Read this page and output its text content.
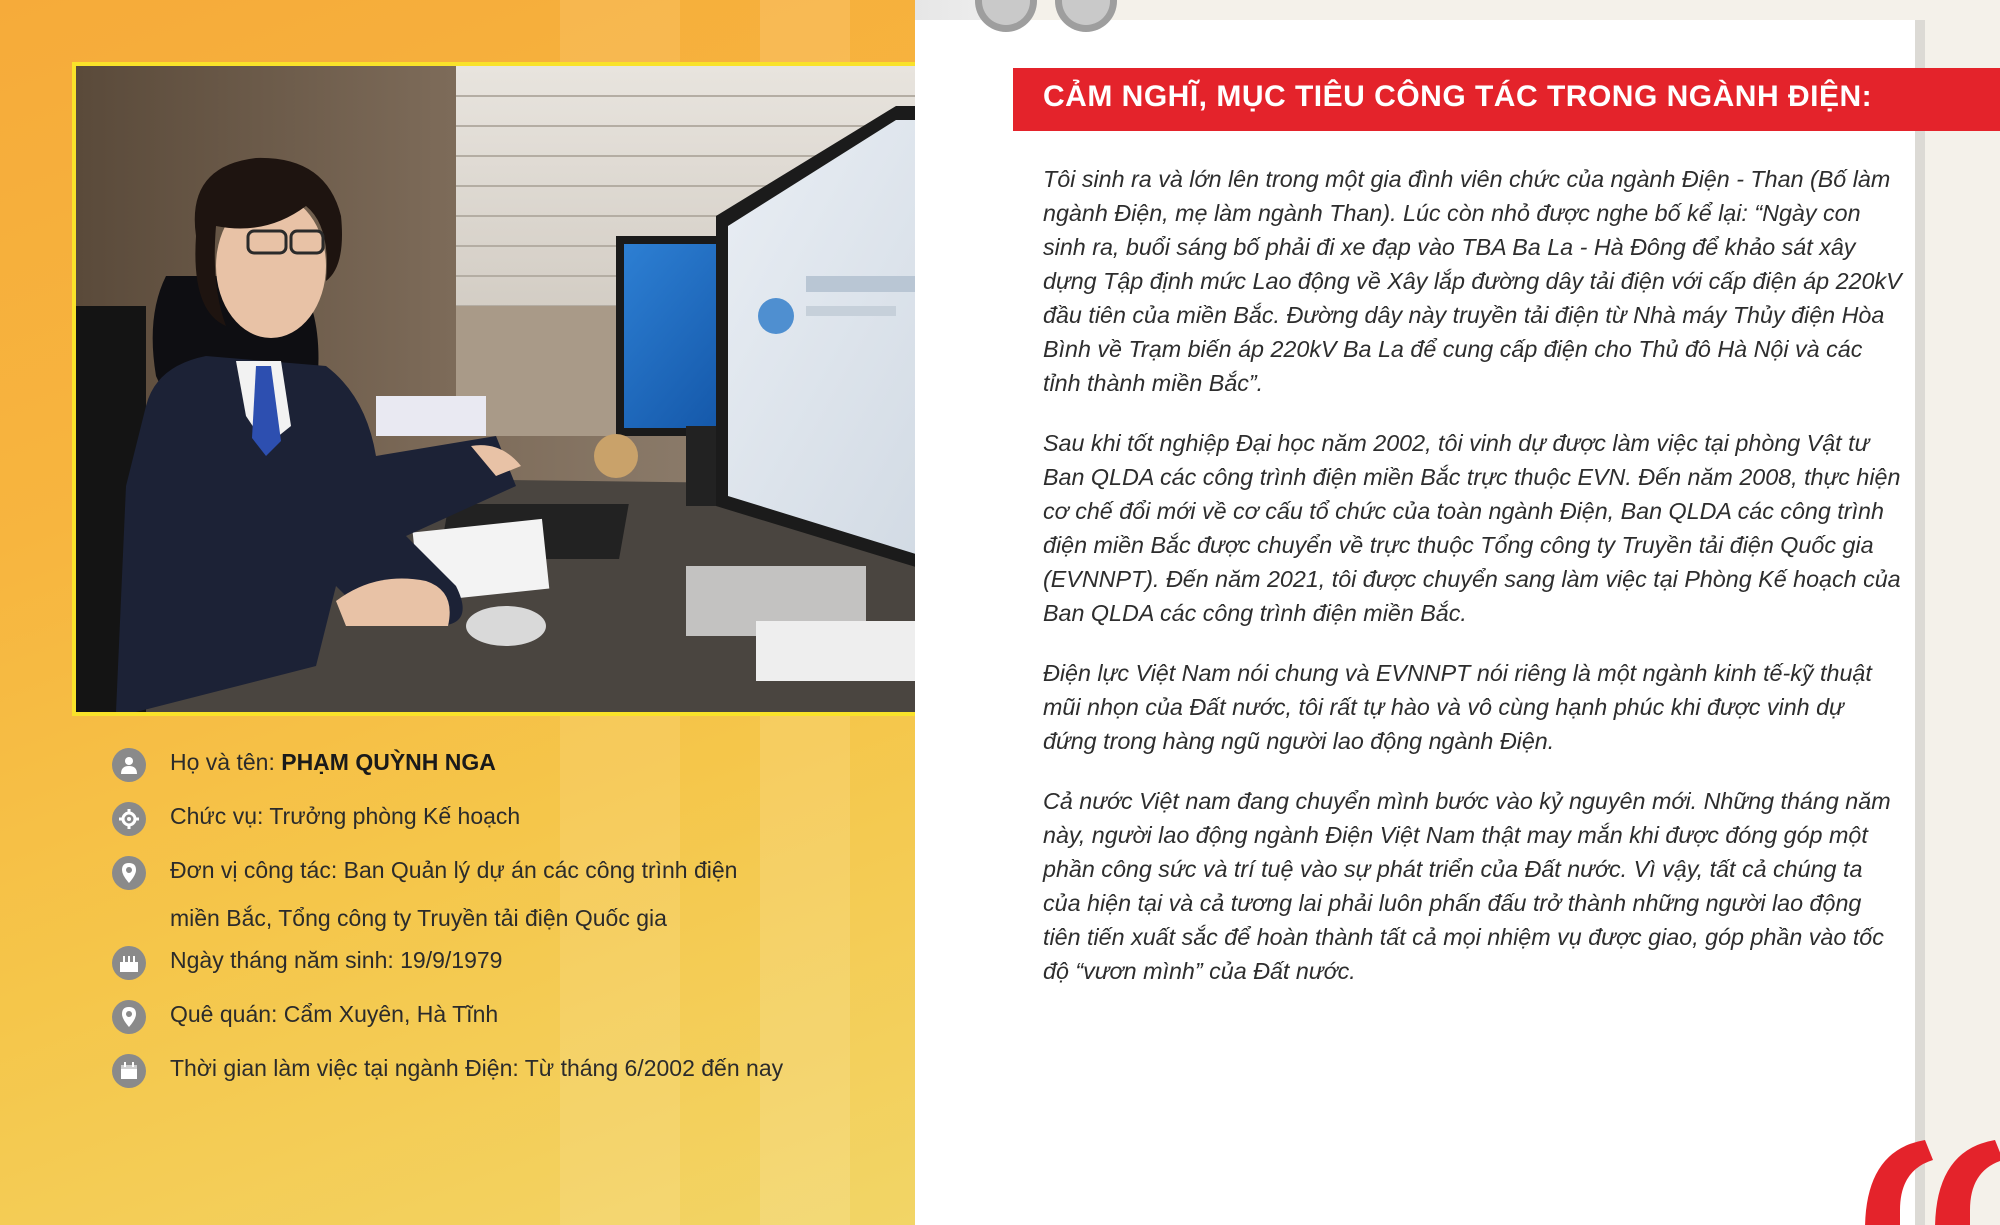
Họ và tên: PHẠM QUỲNH NGA
Chức vụ: Trưởng phòng Kế hoạch
Đơn vị công tác: Ban Quản lý dự án các công trình điện
miền Bắc, Tổng công ty Truyền tải điện Quốc gia
Ngày tháng năm sinh: 19/9/1979
Quê quán: Cẩm Xuyên, Hà Tĩnh
Thời gian làm việc tại ngành Điện: Từ tháng 6/2002 đến nay
CẢM NGHĨ, MỤC TIÊU CÔNG TÁC TRONG NGÀNH ĐIỆN:

Tôi sinh ra và lớn lên trong một gia đình viên chức của ngành Điện - Than (Bố làm ngành Điện, mẹ làm ngành Than). Lúc còn nhỏ được nghe bố kể lại: “Ngày con sinh ra, buổi sáng bố phải đi xe đạp vào TBA Ba La - Hà Đông để khảo sát xây dựng Tập định mức Lao động về Xây lắp đường dây tải điện với cấp điện áp 220kV đầu tiên của miền Bắc. Đường dây này truyền tải điện từ Nhà máy Thủy điện Hòa Bình về Trạm biến áp 220kV Ba La để cung cấp điện cho Thủ đô Hà Nội và các tỉnh thành miền Bắc”.

Sau khi tốt nghiệp Đại học năm 2002, tôi vinh dự được làm việc tại phòng Vật tư Ban QLDA các công trình điện miền Bắc trực thuộc EVN. Đến năm 2008, thực hiện cơ chế đổi mới về cơ cấu tổ chức của toàn ngành Điện, Ban QLDA các công trình điện miền Bắc được chuyển về trực thuộc Tổng công ty Truyền tải điện Quốc gia (EVNNPT). Đến năm 2021, tôi được chuyển sang làm việc tại Phòng Kế hoạch của Ban QLDA các công trình điện miền Bắc.

Điện lực Việt Nam nói chung và EVNNPT nói riêng là một ngành kinh tế-kỹ thuật mũi nhọn của Đất nước, tôi rất tự hào và vô cùng hạnh phúc khi được vinh dự đứng trong hàng ngũ người lao động ngành Điện.

Cả nước Việt nam đang chuyển mình bước vào kỷ nguyên mới. Những tháng năm này, người lao động ngành Điện Việt Nam thật may mắn khi được đóng góp một phần công sức và trí tuệ vào sự phát triển của Đất nước. Vì vậy, tất cả chúng ta của hiện tại và cả tương lai phải luôn phấn đấu trở thành những người lao động tiên tiến xuất sắc để hoàn thành tất cả mọi nhiệm vụ được giao, góp phần vào tốc độ “vươn mình” của Đất nước.
